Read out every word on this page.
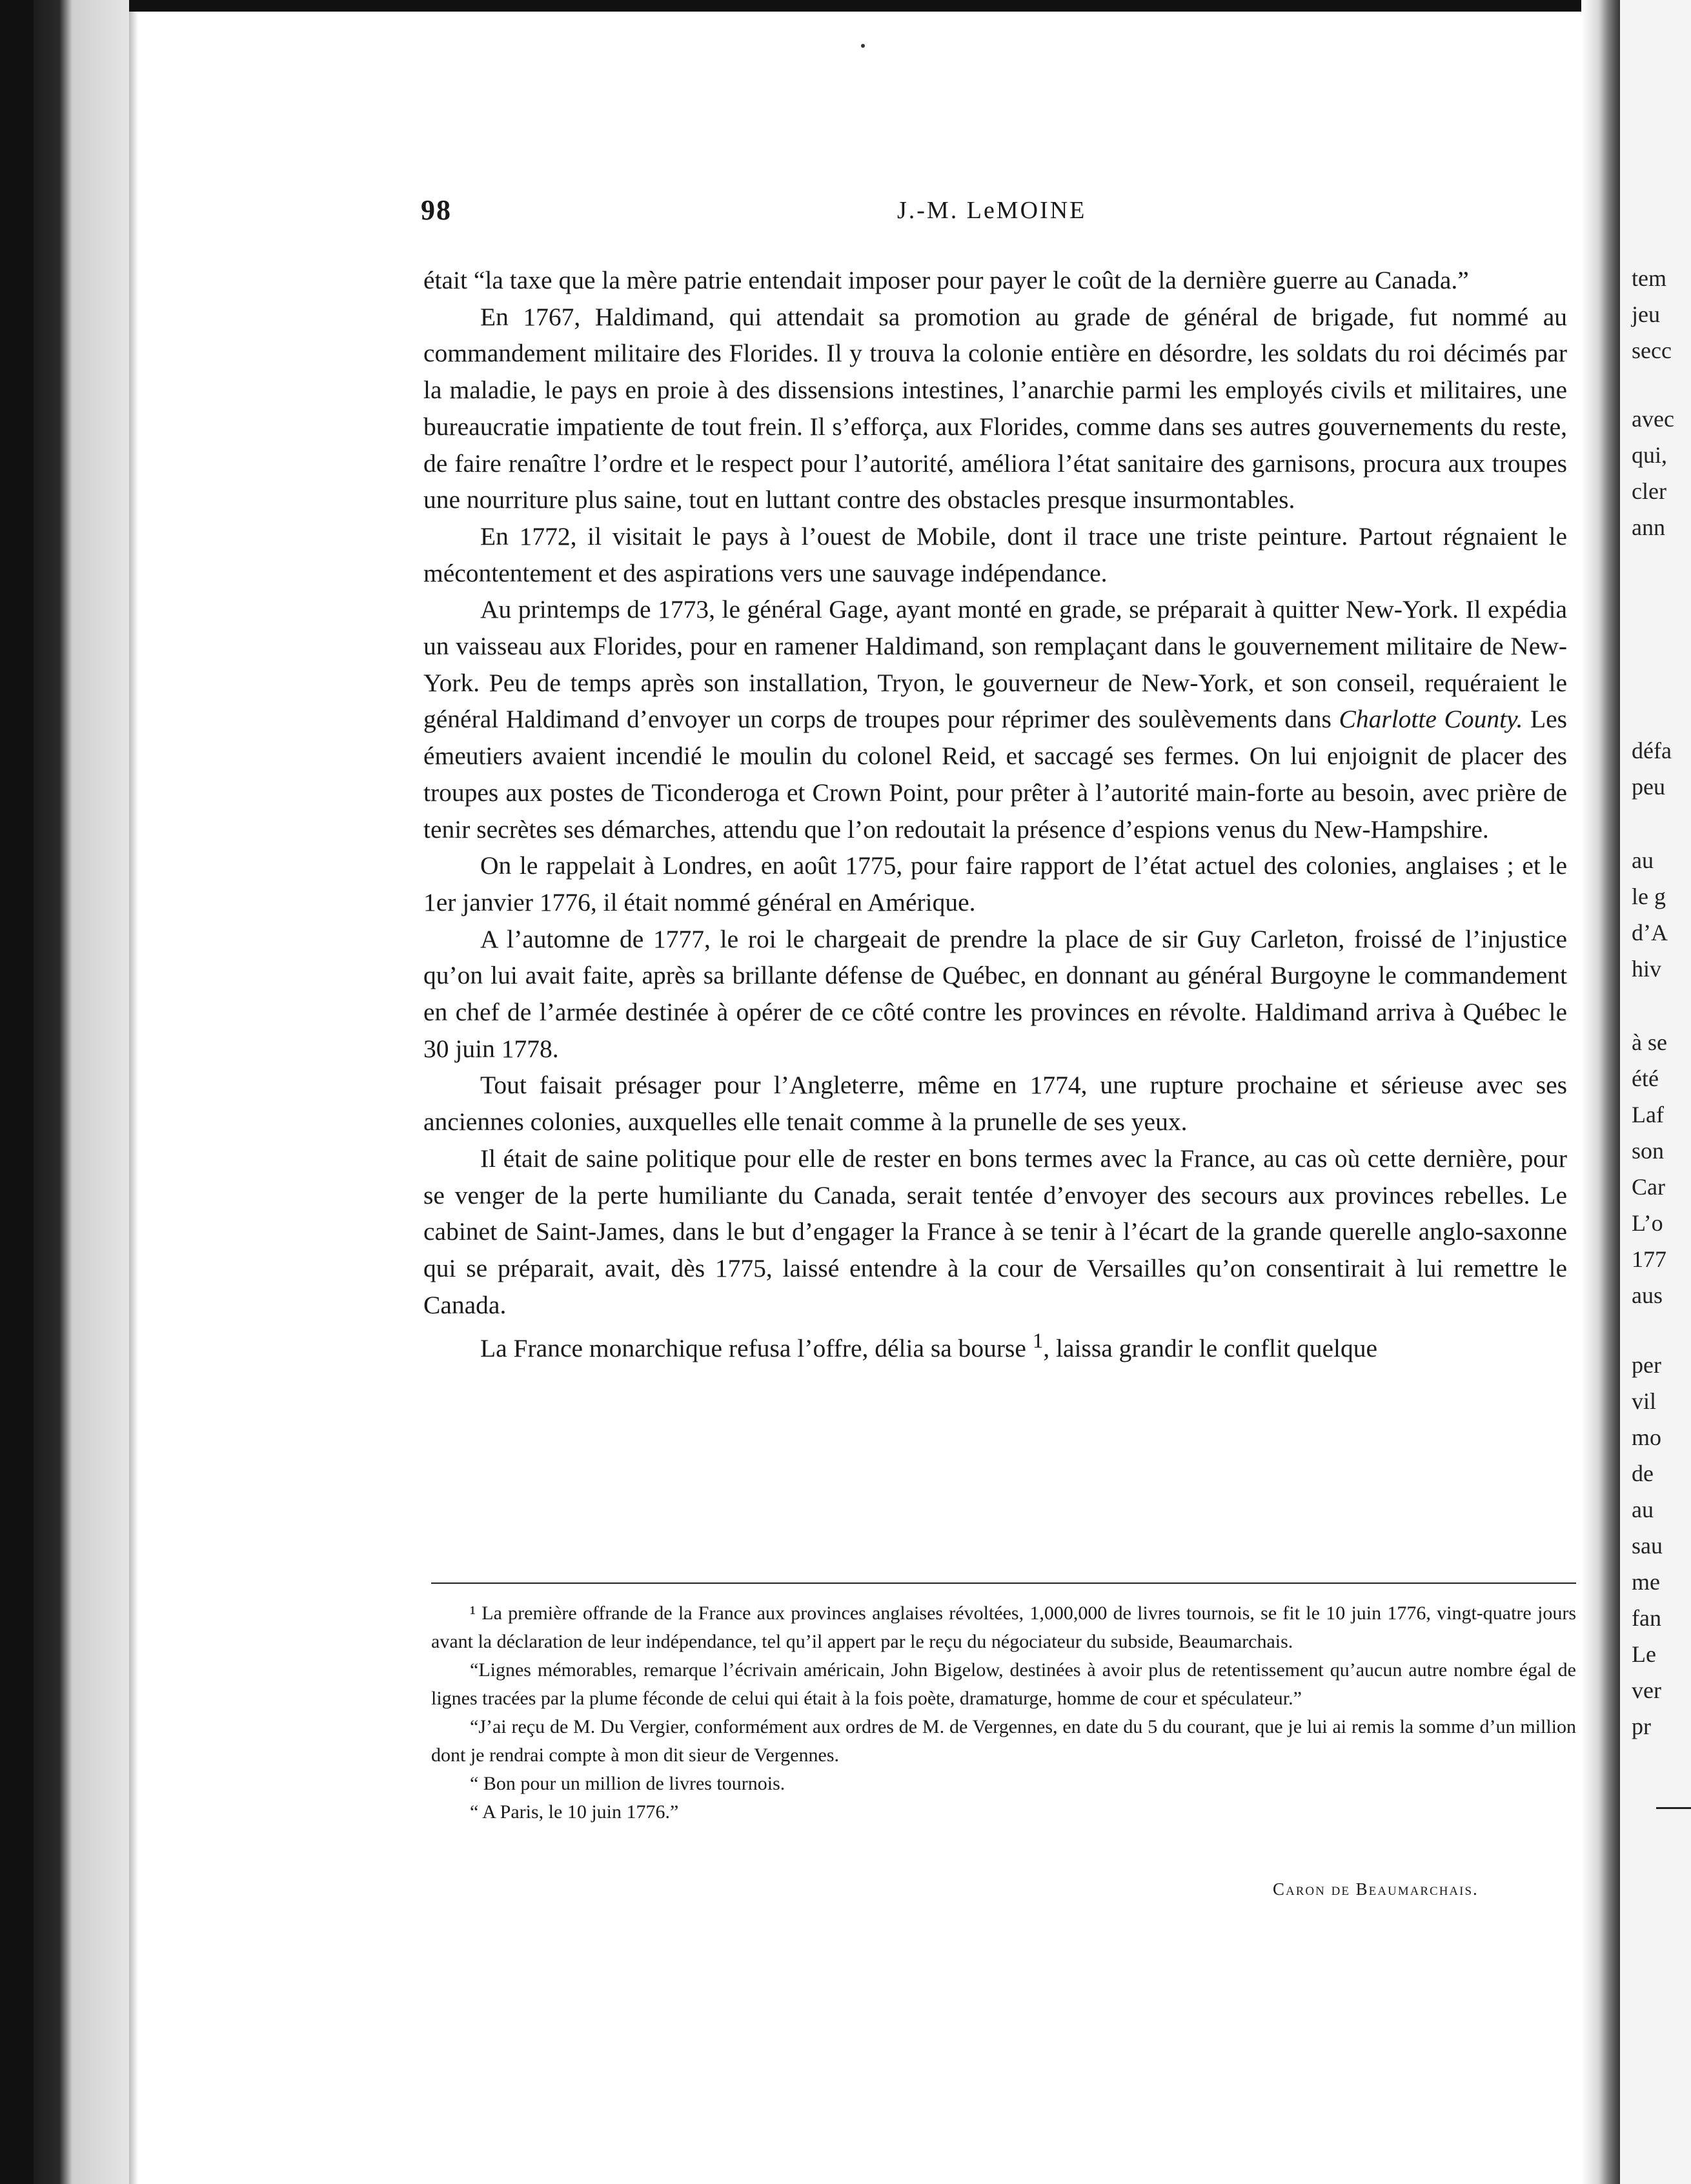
98	J.-M. LeMOINE

était “la taxe que la mère patrie entendait imposer pour payer le coût de la dernière guerre au Canada.”

En 1767, Haldimand, qui attendait sa promotion au grade de général de brigade, fut nommé au commandement militaire des Florides. Il y trouva la colonie entière en désordre, les soldats du roi décimés par la maladie, le pays en proie à des dissensions intestines, l’anarchie parmi les employés civils et militaires, une bureaucratie impatiente de tout frein. Il s’efforça, aux Florides, comme dans ses autres gouvernements du reste, de faire renaître l’ordre et le respect pour l’autorité, améliora l’état sanitaire des garnisons, procura aux troupes une nourriture plus saine, tout en luttant contre des obstacles presque insurmontables.

En 1772, il visitait le pays à l’ouest de Mobile, dont il trace une triste peinture. Partout régnaient le mécontentement et des aspirations vers une sauvage indépendance.

Au printemps de 1773, le général Gage, ayant monté en grade, se préparait à quitter New-York. Il expédia un vaisseau aux Florides, pour en ramener Haldimand, son remplaçant dans le gouvernement militaire de New-York. Peu de temps après son installation, Tryon, le gouverneur de New-York, et son conseil, requéraient le général Haldimand d’envoyer un corps de troupes pour réprimer des soulèvements dans Charlotte County. Les émeutiers avaient incendié le moulin du colonel Reid, et saccagé ses fermes. On lui enjoignit de placer des troupes aux postes de Ticonderoga et Crown Point, pour prêter à l’autorité main-forte au besoin, avec prière de tenir secrètes ses démarches, attendu que l’on redoutait la présence d’espions venus du New-Hampshire.

On le rappelait à Londres, en août 1775, pour faire rapport de l’état actuel des colonies, anglaises ; et le 1er janvier 1776, il était nommé général en Amérique.

A l’automne de 1777, le roi le chargeait de prendre la place de sir Guy Carleton, froissé de l’injustice qu’on lui avait faite, après sa brillante défense de Québec, en donnant au général Burgoyne le commandement en chef de l’armée destinée à opérer de ce côté contre les provinces en révolte. Haldimand arriva à Québec le 30 juin 1778.

Tout faisait présager pour l’Angleterre, même en 1774, une rupture prochaine et sérieuse avec ses anciennes colonies, auxquelles elle tenait comme à la prunelle de ses yeux.

Il était de saine politique pour elle de rester en bons termes avec la France, au cas où cette dernière, pour se venger de la perte humiliante du Canada, serait tentée d’envoyer des secours aux provinces rebelles. Le cabinet de Saint-James, dans le but d’engager la France à se tenir à l’écart de la grande querelle anglo-saxonne qui se préparait, avait, dès 1775, laissé entendre à la cour de Versailles qu’on consentirait à lui remettre le Canada.

La France monarchique refusa l’offre, délia sa bourse $^1$, laissa grandir le conflit quelque

¹ La première offrande de la France aux provinces anglaises révoltées, 1,000,000 de livres tournois, se fit le 10 juin 1776, vingt-quatre jours avant la déclaration de leur indépendance, tel qu’il appert par le reçu du négociateur du subside, Beaumarchais.

“Lignes mémorables, remarque l’écrivain américain, John Bigelow, destinées à avoir plus de retentissement qu’aucun autre nombre égal de lignes tracées par la plume féconde de celui qui était à la fois poète, dramaturge, homme de cour et spéculateur.”

“J’ai reçu de M. Du Vergier, conformément aux ordres de M. de Vergennes, en date du 5 du courant, que je lui ai remis la somme d’un million dont je rendrai compte à mon dit sieur de Vergennes.

“ Bon pour un million de livres tournois.

“ A Paris, le 10 juin 1776.”

Caron de Beaumarchais.
tem
jeu
secc
avec
qui,
cler
ann
défa
peu
au
le g
d’A
hiv
à se
été
Laf
son
Car
L’o
177
aus
per
vil
mo
de
au
sau
me
fan
Le
ver
pr
